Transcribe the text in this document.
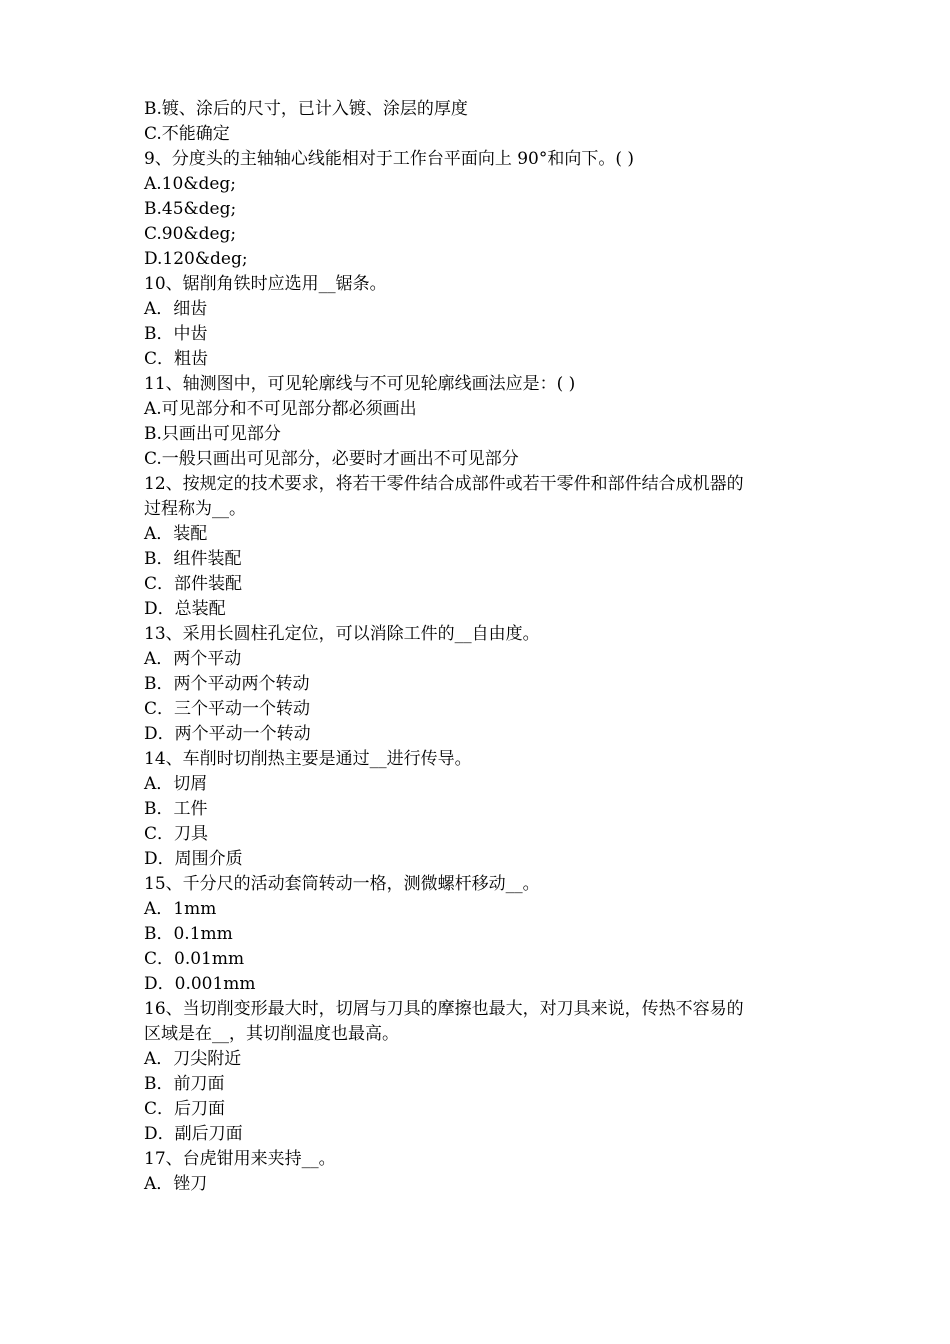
B.镀、涂后的尺寸，已计入镀、涂层的厚度
C.不能确定
9、分度头的主轴轴心线能相对于工作台平面向上 90°和向下。( )
A.10&deg;
B.45&deg;
C.90&deg;
D.120&deg;
10、锯削角铁时应选用__锯条。
A．细齿
B．中齿
C．粗齿
11、轴测图中，可见轮廓线与不可见轮廓线画法应是：( )
A.可见部分和不可见部分都必须画出
B.只画出可见部分
C.一般只画出可见部分，必要时才画出不可见部分
12、按规定的技术要求，将若干零件结合成部件或若干零件和部件结合成机器的
过程称为__。
A．装配
B．组件装配
C．部件装配
D．总装配
13、采用长圆柱孔定位，可以消除工件的__自由度。
A．两个平动
B．两个平动两个转动
C．三个平动一个转动
D．两个平动一个转动
14、车削时切削热主要是通过__进行传导。
A．切屑
B．工件
C．刀具
D．周围介质
15、千分尺的活动套筒转动一格，测微螺杆移动__。
A．1mm
B．0.1mm
C．0.01mm
D．0.001mm
16、当切削变形最大时，切屑与刀具的摩擦也最大，对刀具来说，传热不容易的
区域是在__，其切削温度也最高。
A．刀尖附近
B．前刀面
C．后刀面
D．副后刀面
17、台虎钳用来夹持__。
A．锉刀
